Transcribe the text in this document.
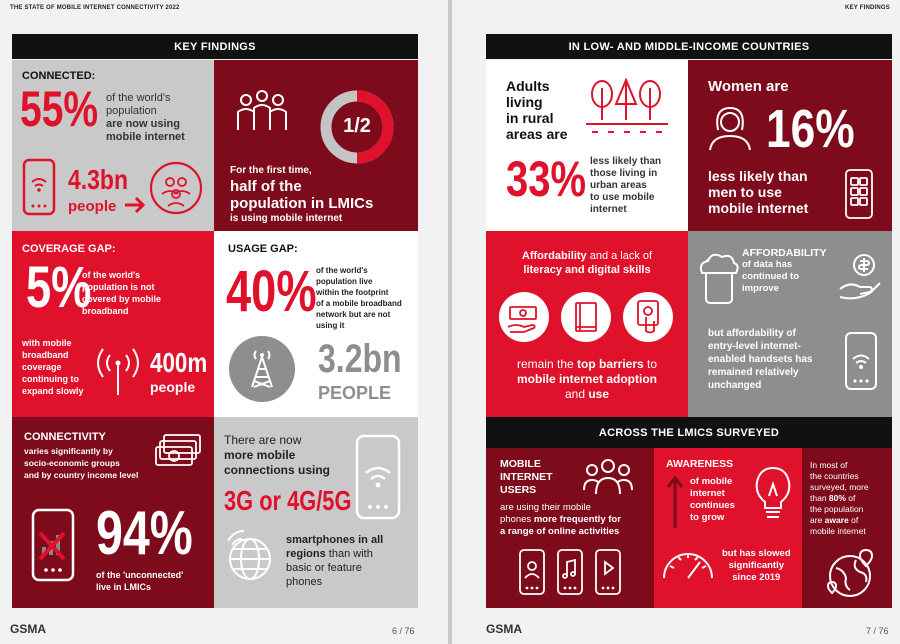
THE STATE OF MOBILE INTERNET CONNECTIVITY 2022
KEY FINDINGS
CONNECTED:
55% of the world's
population
are now using
mobile internet
4.3bn
people
1/2
For the first time,
half of the
population in LMICs
is using mobile internet
COVERAGE GAP:
5%
of the world's
population is not
covered by mobile
broadband
with mobile
broadband
coverage
continuing to
expand slowly
400m
people
USAGE GAP:
40% of the world's
population live
within the footprint
of a mobile broadband
network but are not
using it
3.2bn
PEOPLE
CONNECTIVITY
varies significantly by
socio-economic groups
and by country income level
94%
of the 'unconnected'
live in LMICs
There are now
more mobile
connections using
3G or 4G/5G
smartphones in all
regions than with
basic or feature
phones
GSMA	6 / 76
KEY FINDINGS
IN LOW- AND MIDDLE-INCOME COUNTRIES
Adults
living
in rural
areas are
33% less likely than
those living in
urban areas
to use mobile
internet
Women are
16%
less likely than
men to use
mobile internet
Affordability and a lack of
literacy and digital skills
remain the top barriers to
mobile internet adoption
and use
AFFORDABILITY
of data has
continued to
improve
but affordability of
entry-level internet-
enabled handsets has
remained relatively
unchanged
ACROSS THE LMICS SURVEYED
MOBILE
INTERNET
USERS
are using their mobile
phones more frequently for
a range of online activities
AWARENESS
of mobile
internet
continues
to grow
but has slowed
significantly
since 2019
In most of
the countries
surveyed, more
than 80% of
the population
are aware of
mobile internet
GSMA	7 / 76
